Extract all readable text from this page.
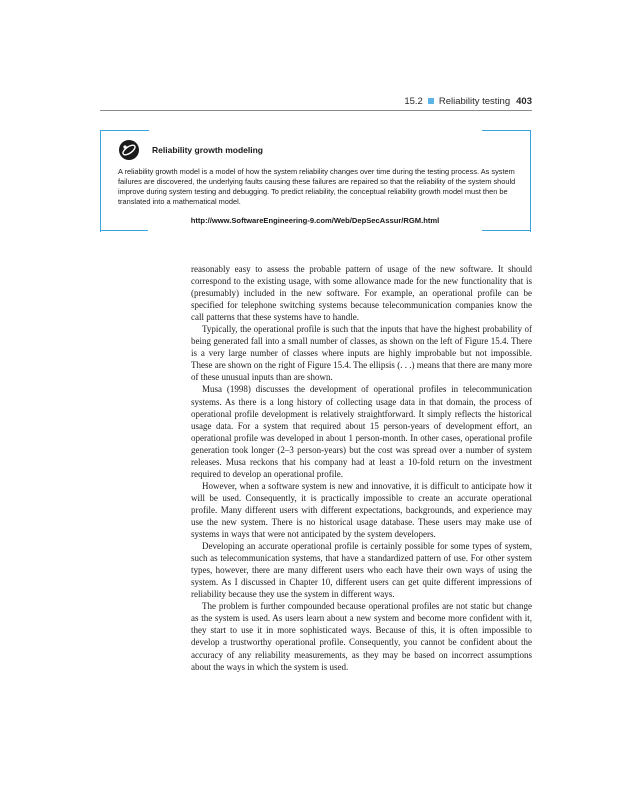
15.2 Reliability testing 403
Reliability growth modeling
A reliability growth model is a model of how the system reliability changes over time during the testing process. As system failures are discovered, the underlying faults causing these failures are repaired so that the reliability of the system should improve during system testing and debugging. To predict reliability, the conceptual reliability growth model must then be translated into a mathematical model.
http://www.SoftwareEngineering-9.com/Web/DepSecAssur/RGM.html

reasonably easy to assess the probable pattern of usage of the new software. It should correspond to the existing usage, with some allowance made for the new functionality that is (presumably) included in the new software. For example, an operational profile can be specified for telephone switching systems because telecommunication companies know the call patterns that these systems have to handle.

Typically, the operational profile is such that the inputs that have the highest probability of being generated fall into a small number of classes, as shown on the left of Figure 15.4. There is a very large number of classes where inputs are highly improbable but not impossible. These are shown on the right of Figure 15.4. The ellipsis (. . .) means that there are many more of these unusual inputs than are shown.

Musa (1998) discusses the development of operational profiles in telecommunication systems. As there is a long history of collecting usage data in that domain, the process of operational profile development is relatively straightforward. It simply reflects the historical usage data. For a system that required about 15 person-years of development effort, an operational profile was developed in about 1 person-month. In other cases, operational profile generation took longer (2–3 person-years) but the cost was spread over a number of system releases. Musa reckons that his company had at least a 10-fold return on the investment required to develop an operational profile.

However, when a software system is new and innovative, it is difficult to anticipate how it will be used. Consequently, it is practically impossible to create an accurate operational profile. Many different users with different expectations, backgrounds, and experience may use the new system. There is no historical usage database. These users may make use of systems in ways that were not anticipated by the system developers.

Developing an accurate operational profile is certainly possible for some types of system, such as telecommunication systems, that have a standardized pattern of use. For other system types, however, there are many different users who each have their own ways of using the system. As I discussed in Chapter 10, different users can get quite different impressions of reliability because they use the system in different ways.

The problem is further compounded because operational profiles are not static but change as the system is used. As users learn about a new system and become more confident with it, they start to use it in more sophisticated ways. Because of this, it is often impossible to develop a trustworthy operational profile. Consequently, you cannot be confident about the accuracy of any reliability measurements, as they may be based on incorrect assumptions about the ways in which the system is used.
